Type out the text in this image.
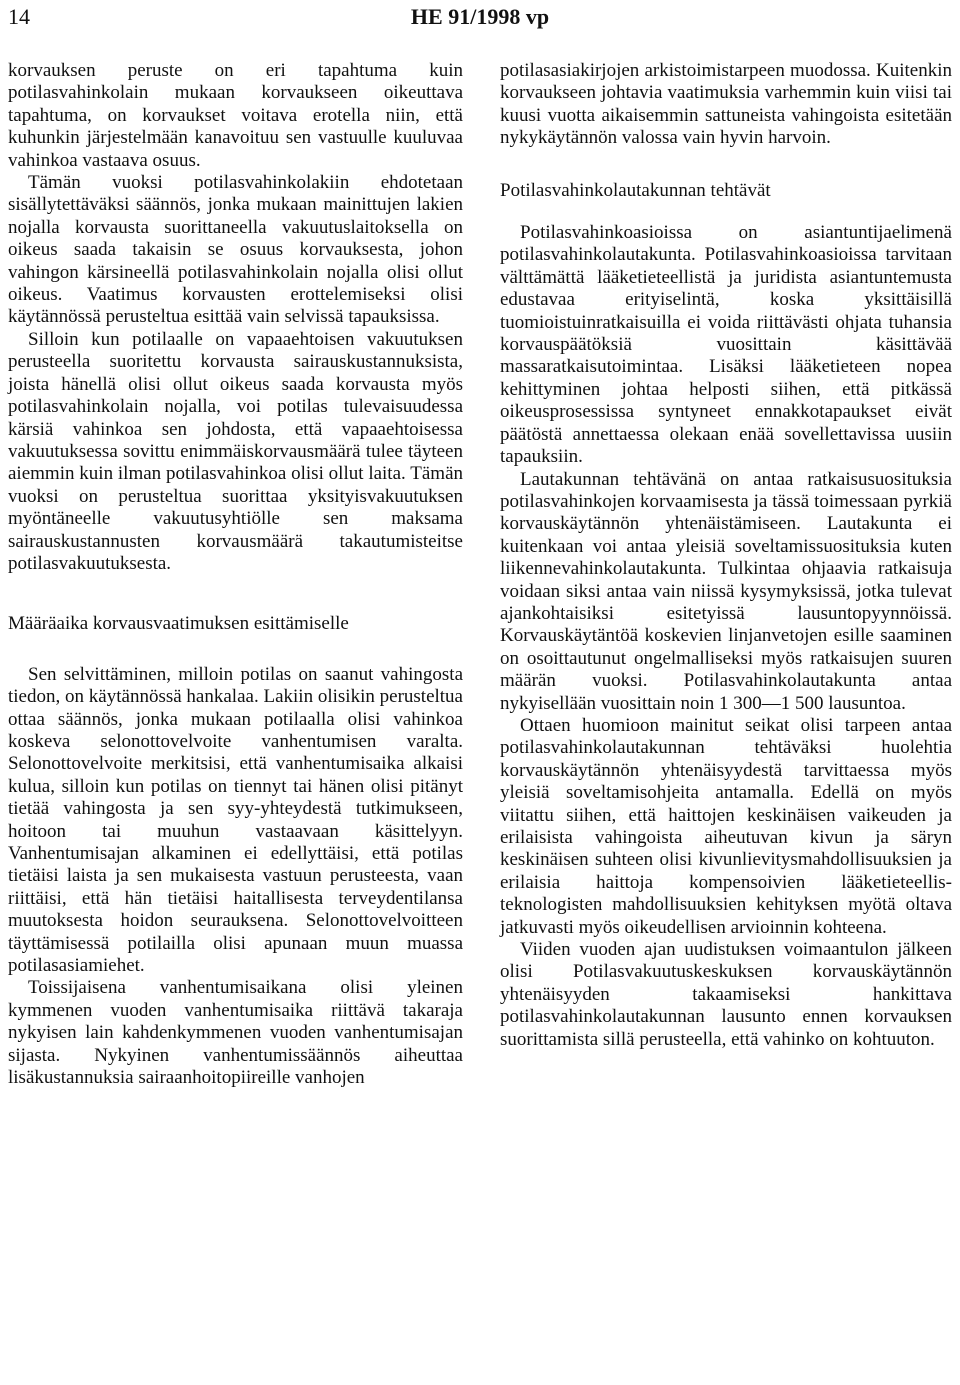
14	HE 91/1998 vp

korvauksen peruste on eri tapahtuma kuin potilasvahinkolain mukaan korvaukseen oikeuttava tapahtuma, on korvaukset voitava erotella niin, että kuhunkin järjestelmään kanavoituu sen vastuulle kuuluvaa vahinkoa vastaava osuus.

Tämän vuoksi potilasvahinkolakiin ehdotetaan sisällytettäväksi säännös, jonka mukaan mainittujen lakien nojalla korvausta suorittaneella vakuutuslaitoksella on oikeus saada takaisin se osuus korvauksesta, johon vahingon kärsineellä potilasvahinkolain nojalla olisi ollut oikeus. Vaatimus korvausten erottelemiseksi olisi käytännössä perusteltua esittää vain selvissä tapauksissa.

Silloin kun potilaalle on vapaaehtoisen vakuutuksen perusteella suoritettu korvausta sairauskustannuksista, joista hänellä olisi ollut oikeus saada korvausta myös potilasvahinkolain nojalla, voi potilas tulevaisuudessa kärsiä vahinkoa sen johdosta, että vapaaehtoisessa vakuutuksessa sovittu enimmäiskorvausmäärä tulee täyteen aiemmin kuin ilman potilasvahinkoa olisi ollut laita. Tämän vuoksi on perusteltua suorittaa yksityisvakuutuksen myöntäneelle vakuutusyhtiölle sen maksama sairauskustannusten korvausmäärä takautumisteitse potilasvakuutuksesta.

Määräaika korvausvaatimuksen esittämiselle

Sen selvittäminen, milloin potilas on saanut vahingosta tiedon, on käytännössä hankalaa. Lakiin olisikin perusteltua ottaa säännös, jonka mukaan potilaalla olisi vahinkoa koskeva selonottovelvoite vanhentumisen varalta. Selonottovelvoite merkitsisi, että vanhentumisaika alkaisi kulua, silloin kun potilas on tiennyt tai hänen olisi pitänyt tietää vahingosta ja sen syy-yhteydestä tutkimukseen, hoitoon tai muuhun vastaavaan käsittelyyn. Vanhentumisajan alkaminen ei edellyttäisi, että potilas tietäisi laista ja sen mukaisesta vastuun perusteesta, vaan riittäisi, että hän tietäisi haitallisesta terveydentilansa muutoksesta hoidon seurauksena. Selonottovelvoitteen täyttämisessä potilailla olisi apunaan muun muassa potilasasiamiehet.

Toissijaisena vanhentumisaikana olisi yleinen kymmenen vuoden vanhentumisaika riittävä takaraja nykyisen lain kahdenkymmenen vuoden vanhentumisajan sijasta. Nykyinen vanhentumissäännös aiheuttaa lisäkustannuksia sairaanhoitopiireille vanhojen

potilasasiakirjojen arkistoimistarpeen muodossa. Kuitenkin korvaukseen johtavia vaatimuksia varhemmin kuin viisi tai kuusi vuotta aikaisemmin sattuneista vahingoista esitetään nykykäytännön valossa vain hyvin harvoin.

Potilasvahinkolautakunnan tehtävät

Potilasvahinkoasioissa on asiantuntijaelimenä potilasvahinkolautakunta. Potilasvahinkoasioissa tarvitaan välttämättä lääketieteellistä ja juridista asiantuntemusta edustavaa erityiselintä, koska yksittäisillä tuomioistuinratkaisuilla ei voida riittävästi ohjata tuhansia korvauspäätöksiä vuosittain käsittävää massaratkaisutoimintaa. Lisäksi lääketieteen nopea kehittyminen johtaa helposti siihen, että pitkässä oikeusprosessissa syntyneet ennakkotapaukset eivät päätöstä annettaessa olekaan enää sovellettavissa uusiin tapauksiin.

Lautakunnan tehtävänä on antaa ratkaisusuosituksia potilasvahinkojen korvaamisesta ja tässä toimessaan pyrkiä korvauskäytännön yhtenäistämiseen. Lautakunta ei kuitenkaan voi antaa yleisiä soveltamissuosituksia kuten liikennevahinkolautakunta. Tulkintaa ohjaavia ratkaisuja voidaan siksi antaa vain niissä kysymyksissä, jotka tulevat ajankohtaisiksi esitetyissä lausuntopyynnöissä. Korvauskäytäntöä koskevien linjanvetojen esille saaminen on osoittautunut ongelmalliseksi myös ratkaisujen suuren määrän vuoksi. Potilasvahinkolautakunta antaa nykyisellään vuosittain noin 1 300—1 500 lausuntoa.

Ottaen huomioon mainitut seikat olisi tarpeen antaa potilasvahinkolautakunnan tehtäväksi huolehtia korvauskäytännön yhtenäisyydestä tarvittaessa myös yleisiä soveltamisohjeita antamalla. Edellä on myös viitattu siihen, että haittojen keskinäisen vaikeuden ja erilaisista vahingoista aiheutuvan kivun ja säryn keskinäisen suhteen olisi kivunlievitysmahdollisuuksien ja erilaisia haittoja kompensoivien lääketieteellis-teknologisten mahdollisuuksien kehityksen myötä oltava jatkuvasti myös oikeudellisen arvioinnin kohteena.

Viiden vuoden ajan uudistuksen voimaantulon jälkeen olisi Potilasvakuutuskeskuksen korvauskäytännön yhtenäisyyden takaamiseksi hankittava potilasvahinkolautakunnan lausunto ennen korvauksen suorittamista sillä perusteella, että vahinko on kohtuuton.
